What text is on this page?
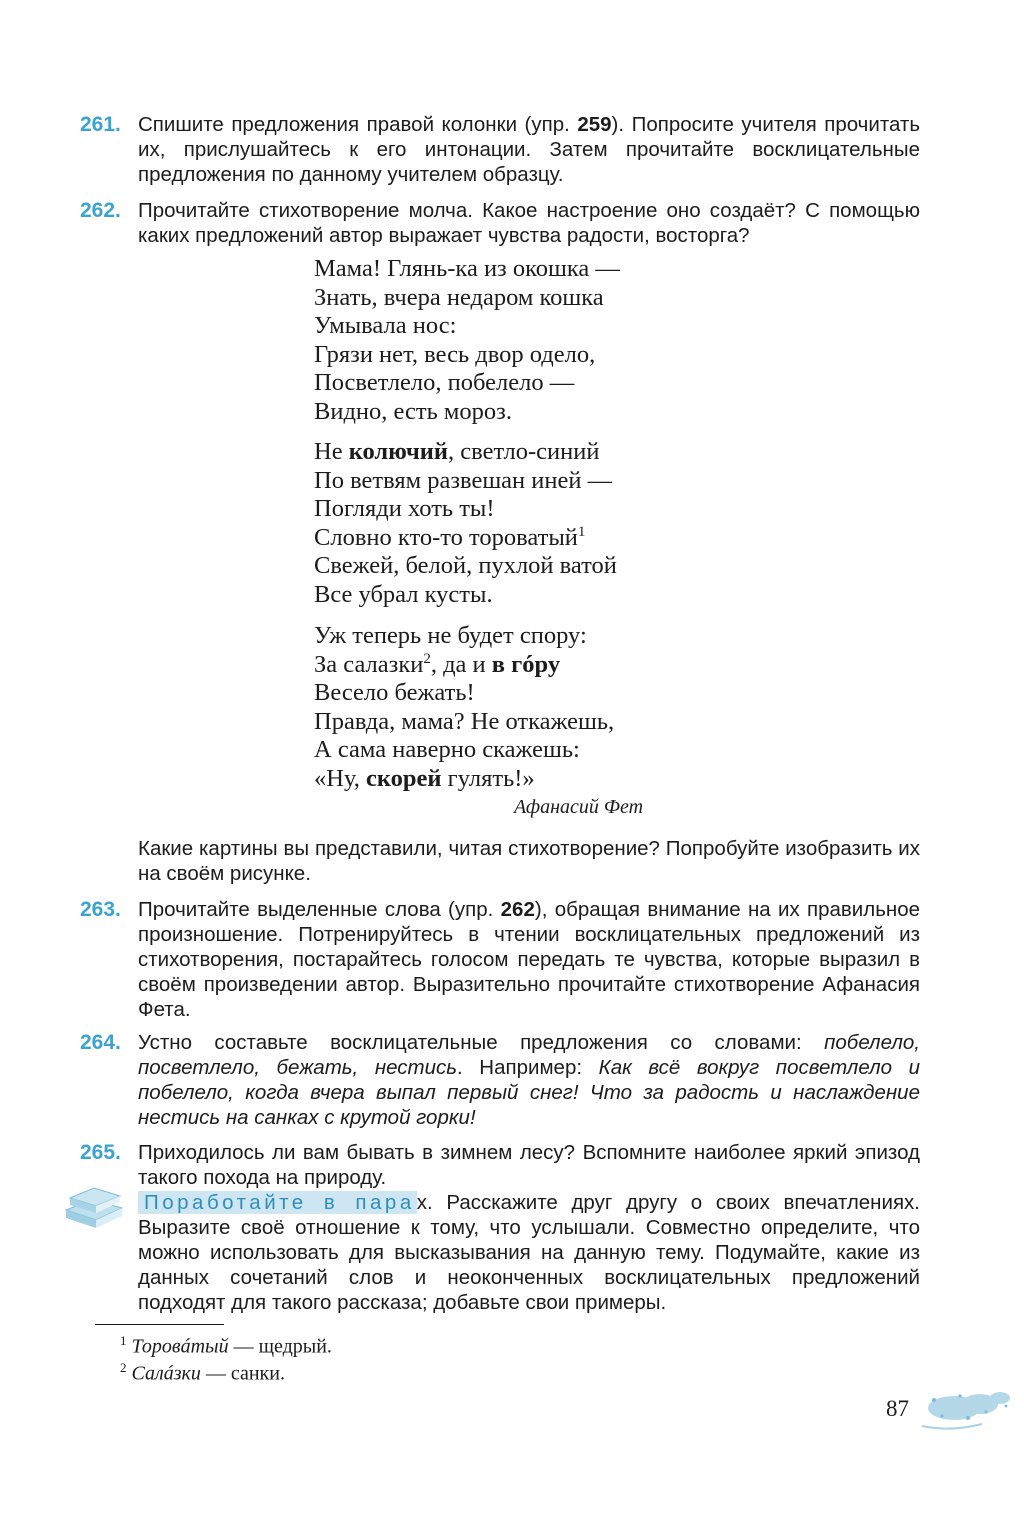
261. Спишите предложения правой колонки (упр. 259). Попросите учителя прочитать их, прислушайтесь к его интонации. Затем прочитайте восклицательные предложения по данному учителем образцу.
262. Прочитайте стихотворение молча. Какое настроение оно создаёт? С помощью каких предложений автор выражает чувства радости, восторга?
Мама! Глянь-ка из окошка —
Знать, вчера недаром кошка
Умывала нос:
Грязи нет, весь двор одело,
Посветлело, побелело —
Видно, есть мороз.
Не колючий, светло-синий
По ветвям развешан иней —
Погляди хоть ты!
Словно кто-то тороватый$^1$
Свежей, белой, пухлой ватой
Все убрал кусты.
Уж теперь не будет спору:
За салазки$^2$, да и в гóру
Весело бежать!
Правда, мама? Не откажешь,
А сама наверно скажешь:
«Ну, скорей гулять!»
Афанасий Фет
Какие картины вы представили, читая стихотворение? Попробуйте изобразить их на своём рисунке.
263. Прочитайте выделенные слова (упр. 262), обращая внимание на их правильное произношение. Потренируйтесь в чтении восклицательных предложений из стихотворения, постарайтесь голосом передать те чувства, которые выразил в своём произведении автор. Выразительно прочитайте стихотворение Афанасия Фета.
264. Устно составьте восклицательные предложения со словами: побелело, посветлело, бежать, нестись. Например: Как всё вокруг посветлело и побелело, когда вчера выпал первый снег! Что за радость и наслаждение нестись на санках с крутой горки!
265. Приходилось ли вам бывать в зимнем лесу? Вспомните наиболее яркий эпизод такого похода на природу.
Поработайте в парах. Расскажите друг другу о своих впечатлениях. Выразите своё отношение к тому, что услышали. Совместно определите, что можно использовать для высказывания на данную тему. Подумайте, какие из данных сочетаний слов и неоконченных восклицательных предложений подходят для такого рассказа; добавьте свои примеры.
$^1$ Торовáтый — щедрый.
$^2$ Салáзки — санки.
87
